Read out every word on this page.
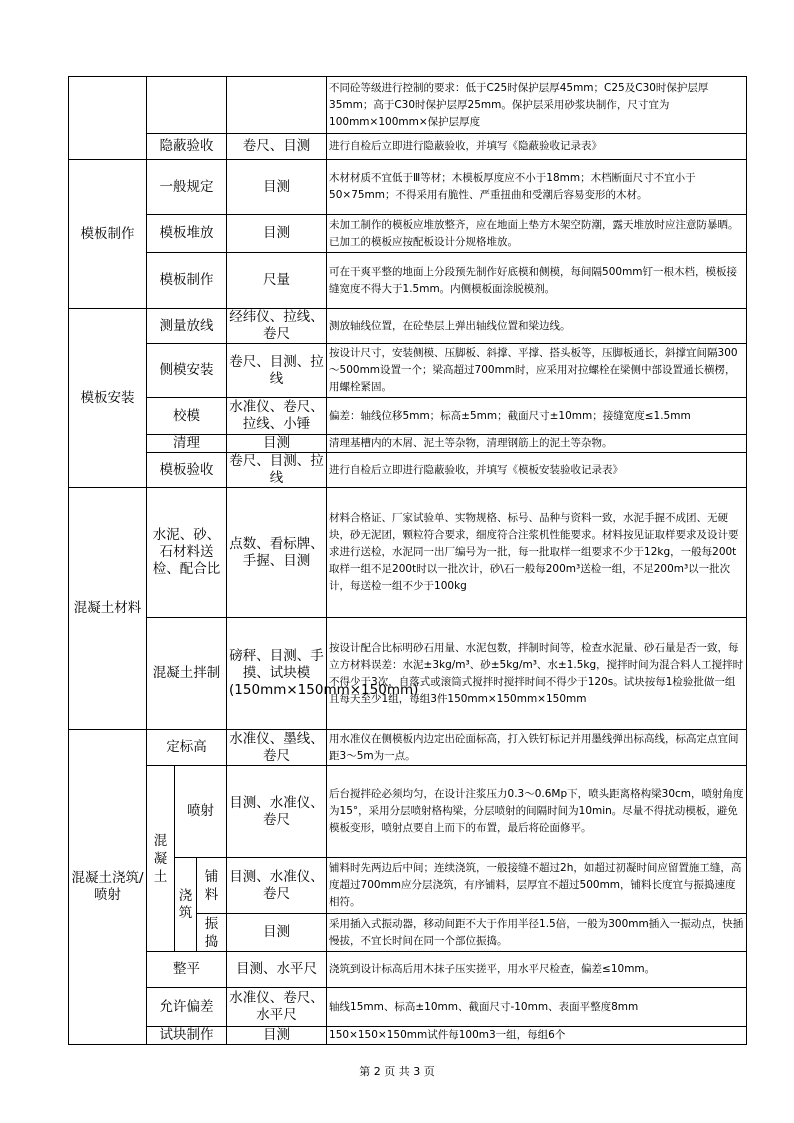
					不同砼等级进行控制的要求：低于C25时保护层厚45mm；C25及C30时保护层厚35mm；高于C30时保护层厚25mm。保护层采用砂浆块制作，尺寸宜为100mm×100mm×保护层厚度
	隐蔽验收			卷尺、目测	进行自检后立即进行隐蔽验收，并填写《隐蔽验收记录表》
模板制作	一般规定			目测	木材材质不宜低于Ⅲ等材；木模板厚度应不小于18mm；木档断面尺寸不宜小于50×75mm；不得采用有脆性、严重扭曲和受潮后容易变形的木材。
	模板堆放			目测	未加工制作的模板应堆放整齐，应在地面上垫方木架空防潮，露天堆放时应注意防暴晒。已加工的模板应按配板设计分规格堆放。
	模板制作			尺量	可在干爽平整的地面上分段预先制作好底模和侧模，每间隔500mm钉一根木档，模板接缝宽度不得大于1.5mm。内侧模板面涂脱模剂。
模板安装	测量放线			经纬仪、拉线、卷尺	测放轴线位置，在砼垫层上弹出轴线位置和梁边线。
	侧模安装			卷尺、目测、拉线	按设计尺寸，安装侧模、压脚板、斜撑、平撑、搭头板等，压脚板通长，斜撑宜间隔300～500mm设置一个；梁高超过700mm时，应采用对拉螺栓在梁侧中部设置通长横楞，用螺栓紧固。
	校模			水准仪、卷尺、拉线、小锤	偏差：轴线位移5mm；标高±5mm；截面尺寸±10mm；接缝宽度≤1.5mm
	清理			目测	清理基槽内的木屑、泥土等杂物，清理钢筋上的泥土等杂物。
	模板验收			卷尺、目测、拉线	进行自检后立即进行隐蔽验收，并填写《模板安装验收记录表》
混凝土材料	水泥、砂、石材料送检、配合比			点数、看标牌、手握、目测	材料合格证、厂家试验单、实物规格、标号、品种与资料一致，水泥手握不成团、无硬块，砂无泥团，颗粒符合要求，细度符合注浆机性能要求。材料按见证取样要求及设计要求进行送检，水泥同一出厂编号为一批，每一批取样一组要求不少于12kg，一般每200t取样一组不足200t时以一批次计，砂\石一般每200m³送检一组，不足200m³以一批次计，每送检一组不少于100kg
	混凝土拌制			磅秤、目测、手摸、试块模(150mm×150mm×150mm)	按设计配合比标明砂石用量、水泥包数，拌制时间等，检查水泥量、砂石量是否一致，每立方材料误差：水泥±3kg/m³、砂±5kg/m³、水±1.5kg，搅拌时间为混合料人工搅拌时不得少于3次，自落式或滚筒式搅拌时搅拌时间不得少于120s。试块按每1检验批做一组且每天至少1组，每组3件150mm×150mm×150mm
混凝土浇筑/喷射	定标高			水准仪、墨线、卷尺	用水准仪在侧模板内边定出砼面标高，打入铁钉标记并用墨线弹出标高线，标高定点宜间距3～5m为一点。
	混凝土	喷射		目测、水准仪、卷尺	后台搅拌砼必须均匀，在设计注浆压力0.3～0.6Mp下，喷头距离格构梁30cm，喷射角度为15°，采用分层喷射格构梁，分层喷射的间隔时间为10min。尽量不得扰动模板，避免模板变形，喷射点要自上而下的布置，最后将砼面修平。
		浇筑	铺料	目测、水准仪、卷尺	铺料时先两边后中间；连续浇筑，一般接缝不超过2h，如超过初凝时间应留置施工缝，高度超过700mm应分层浇筑，有序铺料，层厚宜不超过500mm，铺料长度宜与振捣速度相符。
			振捣	目测	采用插入式振动器，移动间距不大于作用半径1.5倍，一般为300mm插入一振动点，快插慢拔，不宜长时间在同一个部位振捣。
	整平			目测、水平尺	浇筑到设计标高后用木抹子压实搓平，用水平尺检查，偏差≤10mm。
	允许偏差			水准仪、卷尺、水平尺	轴线15mm、标高±10mm、截面尺寸-10mm、表面平整度8mm
	试块制作			目测	150×150×150mm试件每100m3一组，每组6个
第 2 页 共 3 页
